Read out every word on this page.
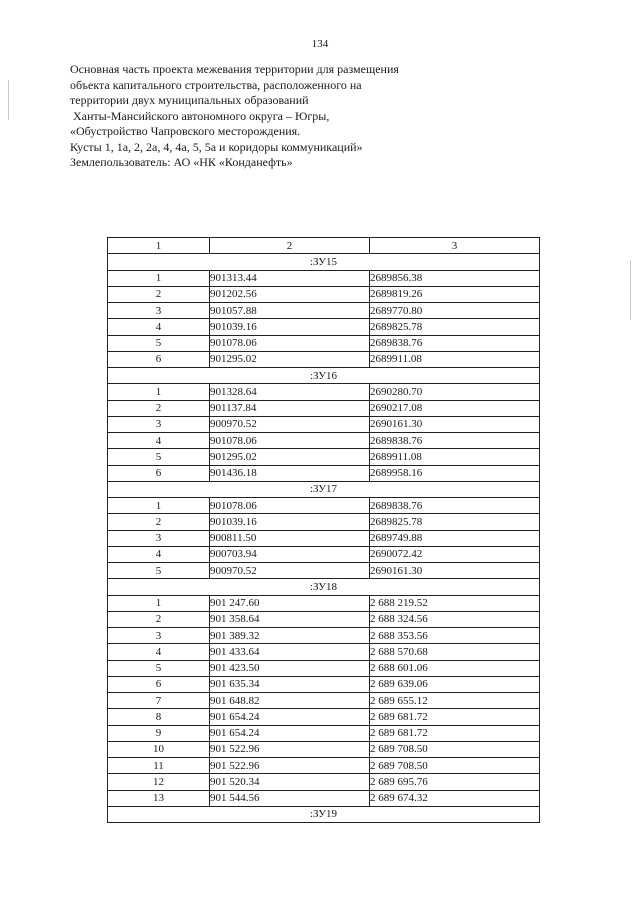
134
Основная часть проекта межевания территории для размещения
объекта капитального строительства, расположенного на
территории двух муниципальных образований
Ханты-Мансийского автономного округа – Югры,
«Обустройство Чапровского месторождения.
Кусты 1, 1а, 2, 2а, 4, 4а, 5, 5а и коридоры коммуникаций»
Землепользователь: АО «НК «Конданефть»
1	2	3
:ЗУ15		
1	901313.44	2689856.38
2	901202.56	2689819.26
3	901057.88	2689770.80
4	901039.16	2689825.78
5	901078.06	2689838.76
6	901295.02	2689911.08
:ЗУ16		
1	901328.64	2690280.70
2	901137.84	2690217.08
3	900970.52	2690161.30
4	901078.06	2689838.76
5	901295.02	2689911.08
6	901436.18	2689958.16
:ЗУ17		
1	901078.06	2689838.76
2	901039.16	2689825.78
3	900811.50	2689749.88
4	900703.94	2690072.42
5	900970.52	2690161.30
:ЗУ18		
1	901 247.60	2 688 219.52
2	901 358.64	2 688 324.56
3	901 389.32	2 688 353.56
4	901 433.64	2 688 570.68
5	901 423.50	2 688 601.06
6	901 635.34	2 689 639.06
7	901 648.82	2 689 655.12
8	901 654.24	2 689 681.72
9	901 654.24	2 689 681.72
10	901 522.96	2 689 708.50
11	901 522.96	2 689 708.50
12	901 520.34	2 689 695.76
13	901 544.56	2 689 674.32
:ЗУ19		
